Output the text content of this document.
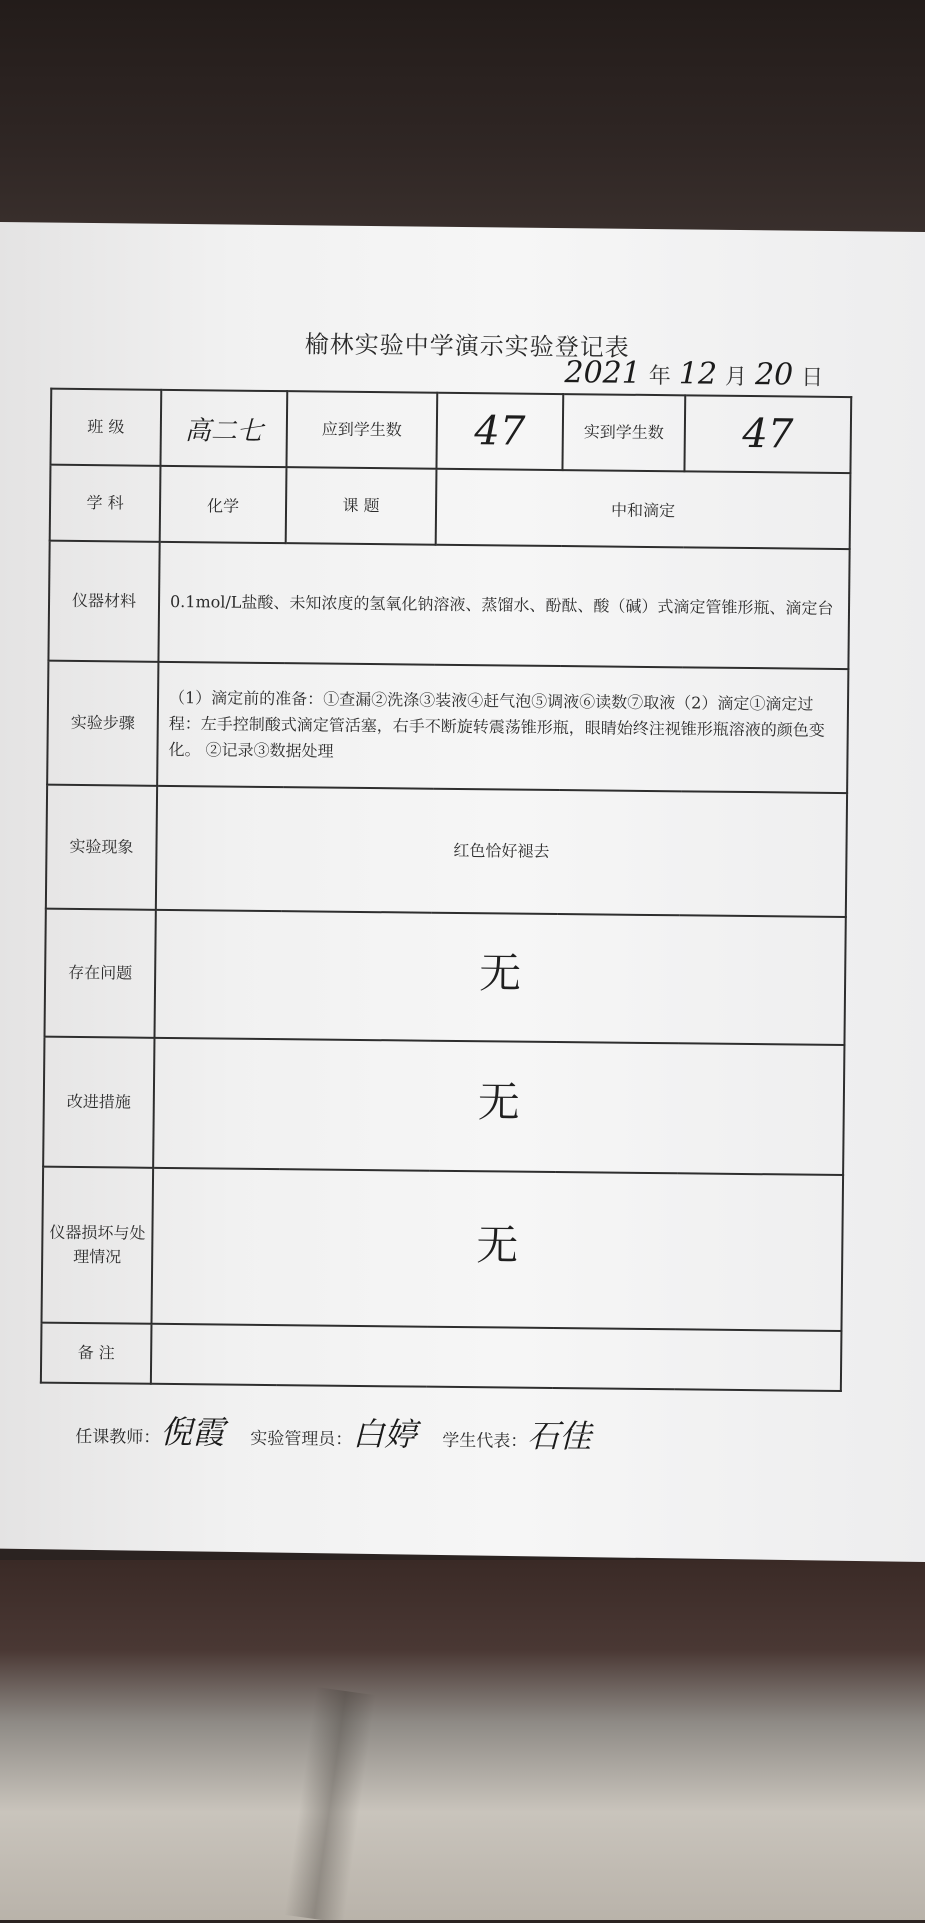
榆林实验中学演示实验登记表
2021 年 12 月 20 日
班 级	高二七	应到学生数	47	实到学生数	47
学 科	化学	课 题	中和滴定		
仪器材料	0.1mol/L盐酸、未知浓度的氢氧化钠溶液、蒸馏水、酚酞、酸（碱）式滴定管锥形瓶、滴定台				
实验步骤	（1）滴定前的准备：①查漏②洗涤③装液④赶气泡⑤调液⑥读数⑦取液（2）滴定①滴定过程：左手控制酸式滴定管活塞，右手不断旋转震荡锥形瓶，眼睛始终注视锥形瓶溶液的颜色变化。 ②记录③数据处理				
实验现象	红色恰好褪去				
存在问题	无				
改进措施	无				
仪器损坏与处理情况	无				
备 注					
任课教师： 倪霞 实验管理员： 白婷 学生代表： 石佳
